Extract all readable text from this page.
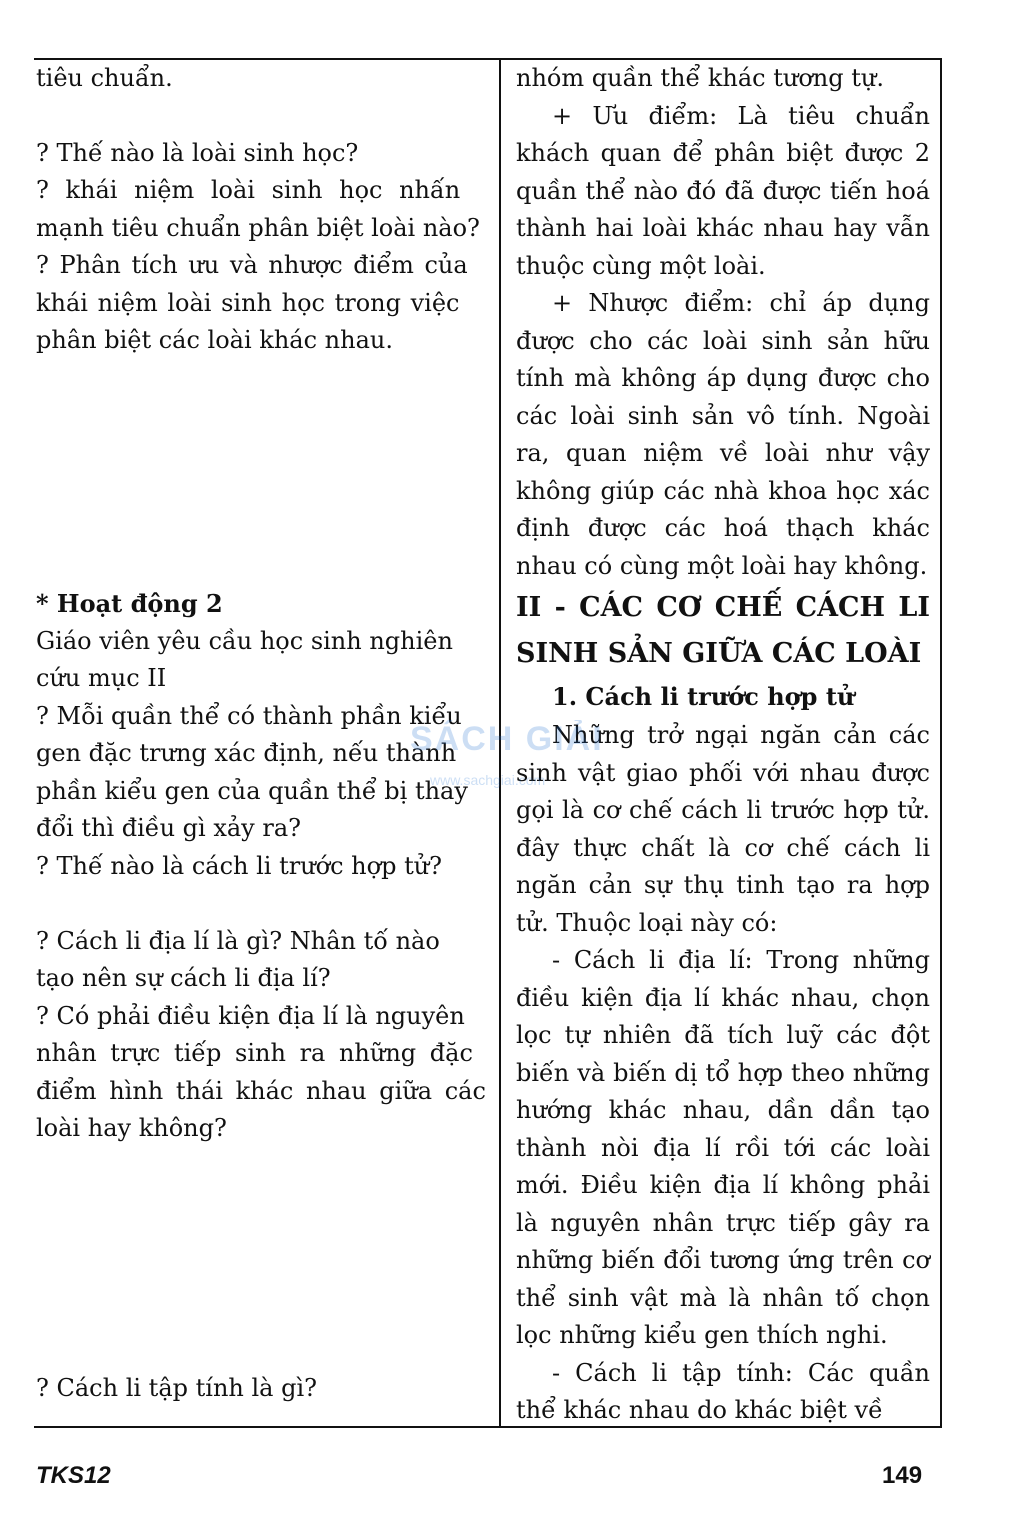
tiêu chuẩn.
? Thế nào là loài sinh học?
? khái niệm loài sinh học nhấn
mạnh tiêu chuẩn phân biệt loài nào?
? Phân tích ưu và nhược điểm của
khái niệm loài sinh học trong việc
phân biệt các loài khác nhau.
* Hoạt động 2
Giáo viên yêu cầu học sinh nghiên
cứu mục II
? Mỗi quần thể có thành phần kiểu
gen đặc trưng xác định, nếu thành
phần kiểu gen của quần thể bị thay
đổi thì điều gì xảy ra?
? Thế nào là cách li trước hợp tử?
? Cách li địa lí là gì? Nhân tố nào
tạo nên sự cách li địa lí?
? Có phải điều kiện địa lí là nguyên
nhân trực tiếp sinh ra những đặc
điểm hình thái khác nhau giữa các
loài hay không?
? Cách li tập tính là gì?

nhóm quần thể khác tương tự.

+ Ưu điểm: Là tiêu chuẩn khách quan để phân biệt được 2 quần thể nào đó đã được tiến hoá thành hai loài khác nhau hay vẫn thuộc cùng một loài.

+ Nhược điểm: chỉ áp dụng được cho các loài sinh sản hữu tính mà không áp dụng được cho các loài sinh sản vô tính. Ngoài ra, quan niệm về loài như vậy không giúp các nhà khoa học xác định được các hoá thạch khác nhau có cùng một loài hay không.

II - CÁC CƠ CHẾ CÁCH LI SINH SẢN GIỮA CÁC LOÀI

1. Cách li trước hợp tử

Những trở ngại ngăn cản các sinh vật giao phối với nhau được gọi là cơ chế cách li trước hợp tử. đây thực chất là cơ chế cách li ngăn cản sự thụ tinh tạo ra hợp tử. Thuộc loại này có:

- Cách li địa lí: Trong những điều kiện địa lí khác nhau, chọn lọc tự nhiên đã tích luỹ các đột biến và biến dị tổ hợp theo những hướng khác nhau, dần dần tạo thành nòi địa lí rồi tới các loài mới. Điều kiện địa lí không phải là nguyên nhân trực tiếp gây ra những biến đổi tương ứng trên cơ thể sinh vật mà là nhân tố chọn lọc những kiểu gen thích nghi.

- Cách li tập tính: Các quần thể khác nhau do khác biệt về

SÁCH GIẢI
www.sachgiai.com
TKS12	149
